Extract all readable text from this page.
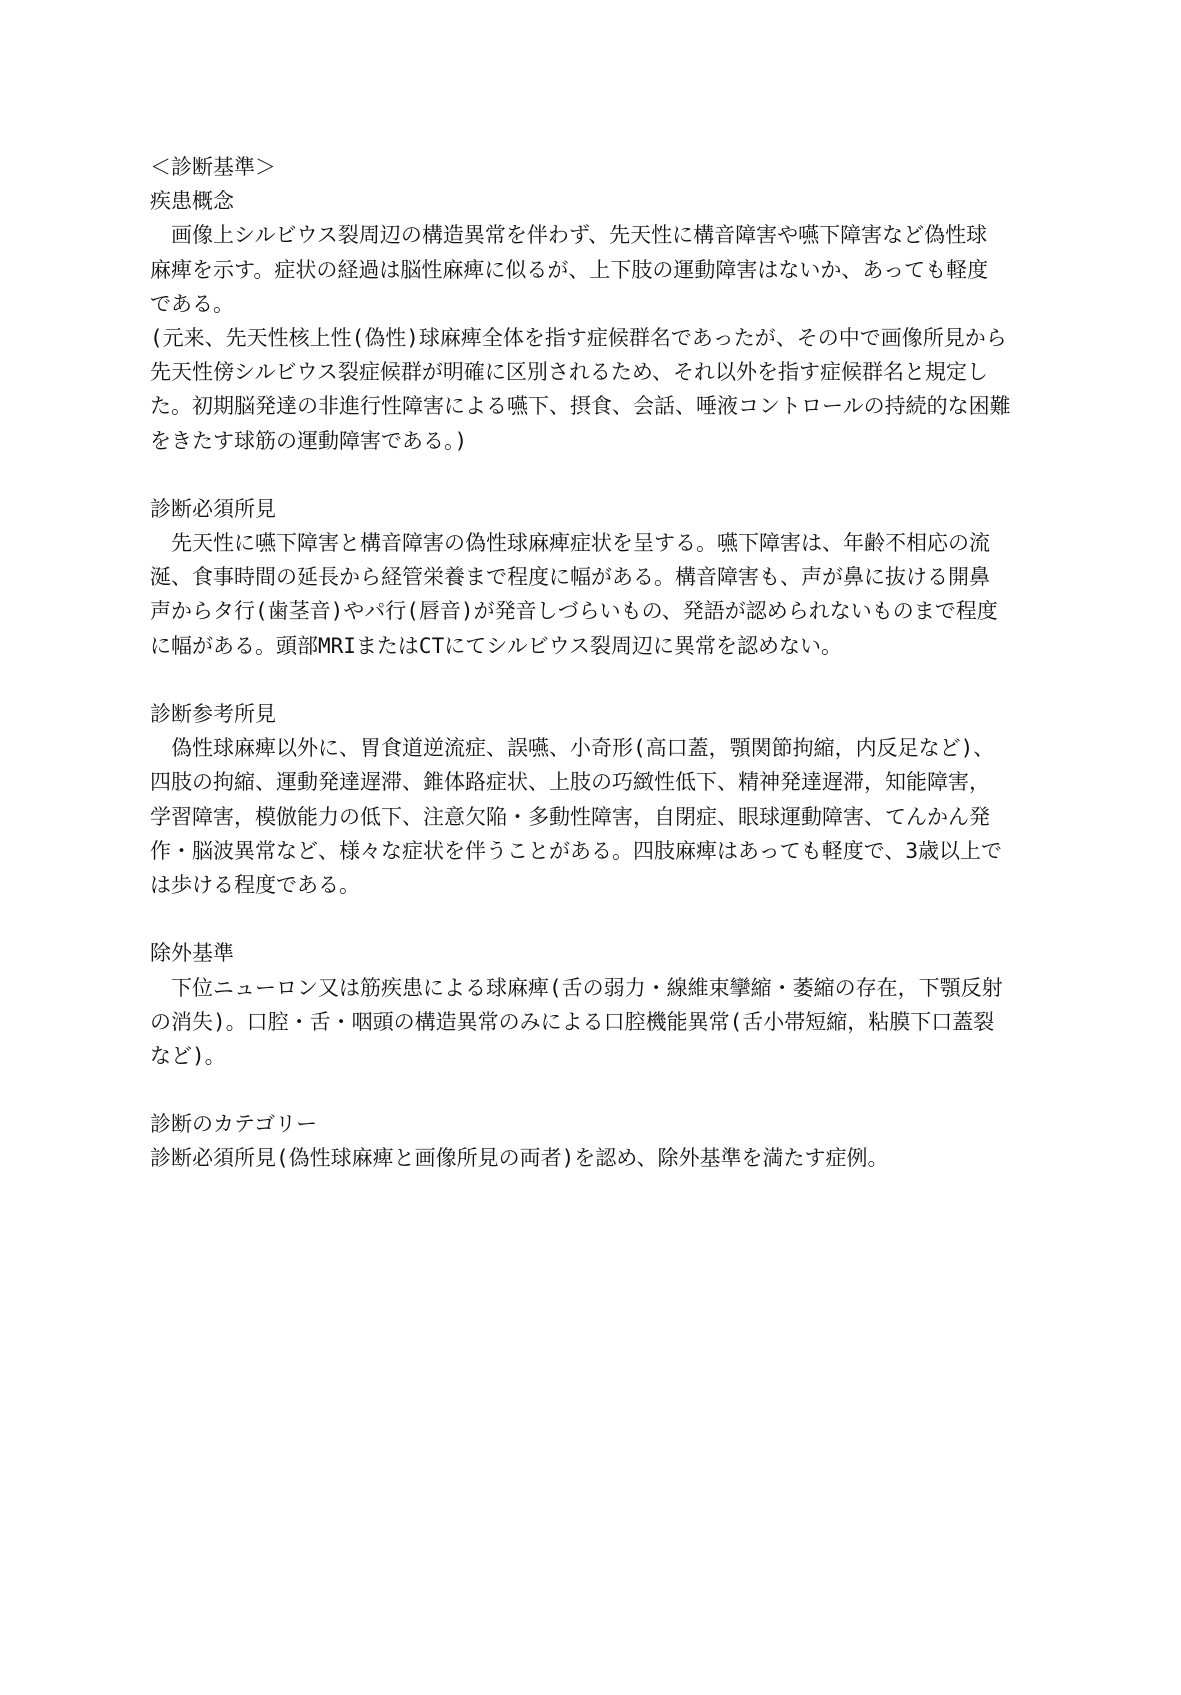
＜診断基準＞
疾患概念
　画像上シルビウス裂周辺の構造異常を伴わず、先天性に構音障害や嚥下障害など偽性球
麻痺を示す。症状の経過は脳性麻痺に似るが、上下肢の運動障害はないか、あっても軽度
である。
(元来、先天性核上性(偽性)球麻痺全体を指す症候群名であったが、その中で画像所見から
先天性傍シルビウス裂症候群が明確に区別されるため、それ以外を指す症候群名と規定し
た。初期脳発達の非進行性障害による嚥下、摂食、会話、唾液コントロールの持続的な困難
をきたす球筋の運動障害である。)
診断必須所見
　先天性に嚥下障害と構音障害の偽性球麻痺症状を呈する。嚥下障害は、年齢不相応の流
涎、食事時間の延長から経管栄養まで程度に幅がある。構音障害も、声が鼻に抜ける開鼻
声からタ行(歯茎音)やパ行(唇音)が発音しづらいもの、発語が認められないものまで程度
に幅がある。頭部MRIまたはCTにてシルビウス裂周辺に異常を認めない。
診断参考所見
　偽性球麻痺以外に、胃食道逆流症、誤嚥、小奇形(高口蓋，顎関節拘縮，内反足など)、
四肢の拘縮、運動発達遅滞、錐体路症状、上肢の巧緻性低下、精神発達遅滞，知能障害，
学習障害，模倣能力の低下、注意欠陥・多動性障害，自閉症、眼球運動障害、てんかん発
作・脳波異常など、様々な症状を伴うことがある。四肢麻痺はあっても軽度で、3歳以上で
は歩ける程度である。
除外基準
　下位ニューロン又は筋疾患による球麻痺(舌の弱力・線維束攣縮・萎縮の存在，下顎反射
の消失)。口腔・舌・咽頭の構造異常のみによる口腔機能異常(舌小帯短縮，粘膜下口蓋裂
など)。
診断のカテゴリー
診断必須所見(偽性球麻痺と画像所見の両者)を認め、除外基準を満たす症例。
